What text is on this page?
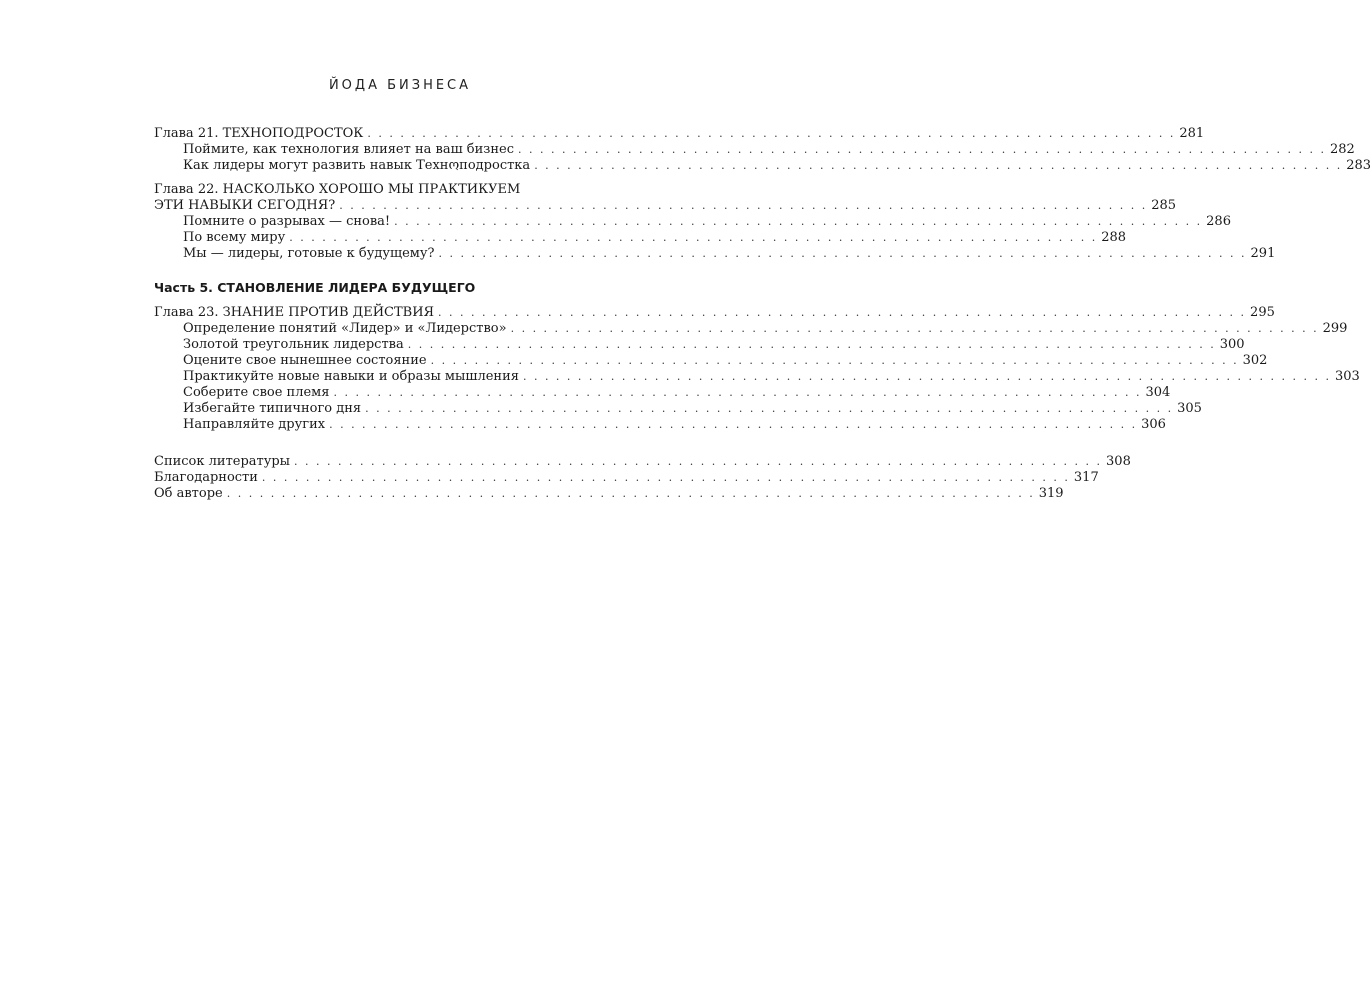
ЙОДА БИЗНЕСА
Глава 21. ТЕХНОПОДРОСТОК . . . . . . . . . . . . . . . . . . . . . . . . . . . . . . . . . . . . . . . . . . . . . . . . . . . . . . . . . . . . . . . . . . . . . . . . . . 281
Поймите, как технология влияет на ваш бизнес . . . . . . . . . . . . . . . . . . . . . . . . . . . . . . . . . . . . . . . . . . . . . . . . . . . . . . . . . . . . . . . . . . . . . . . . . . 282
Как лидеры могут развить навык Технოподростка . . . . . . . . . . . . . . . . . . . . . . . . . . . . . . . . . . . . . . . . . . . . . . . . . . . . . . . . . . . . . . . . . . . . . . . . . . 283
Глава 22. НАСКОЛЬКО ХОРОШО МЫ ПРАКТИКУЕМ
ЭТИ НАВЫКИ СЕГОДНЯ? . . . . . . . . . . . . . . . . . . . . . . . . . . . . . . . . . . . . . . . . . . . . . . . . . . . . . . . . . . . . . . . . . . . . . . . . . . 285
Помните о разрывах — снова! . . . . . . . . . . . . . . . . . . . . . . . . . . . . . . . . . . . . . . . . . . . . . . . . . . . . . . . . . . . . . . . . . . . . . . . . . . 286
По всему миру . . . . . . . . . . . . . . . . . . . . . . . . . . . . . . . . . . . . . . . . . . . . . . . . . . . . . . . . . . . . . . . . . . . . . . . . . . 288
Мы — лидеры, готовые к будущему? . . . . . . . . . . . . . . . . . . . . . . . . . . . . . . . . . . . . . . . . . . . . . . . . . . . . . . . . . . . . . . . . . . . . . . . . . . 291
Часть 5. СТАНОВЛЕНИЕ ЛИДЕРА БУДУЩЕГО
Глава 23. ЗНАНИЕ ПРОТИВ ДЕЙСТВИЯ . . . . . . . . . . . . . . . . . . . . . . . . . . . . . . . . . . . . . . . . . . . . . . . . . . . . . . . . . . . . . . . . . . . . . . . . . . 295
Определение понятий «Лидер» и «Лидерство» . . . . . . . . . . . . . . . . . . . . . . . . . . . . . . . . . . . . . . . . . . . . . . . . . . . . . . . . . . . . . . . . . . . . . . . . . . 299
Золотой треугольник лидерства . . . . . . . . . . . . . . . . . . . . . . . . . . . . . . . . . . . . . . . . . . . . . . . . . . . . . . . . . . . . . . . . . . . . . . . . . . 300
Оцените свое нынешнее состояние . . . . . . . . . . . . . . . . . . . . . . . . . . . . . . . . . . . . . . . . . . . . . . . . . . . . . . . . . . . . . . . . . . . . . . . . . . 302
Практикуйте новые навыки и образы мышления . . . . . . . . . . . . . . . . . . . . . . . . . . . . . . . . . . . . . . . . . . . . . . . . . . . . . . . . . . . . . . . . . . . . . . . . . . 303
Соберите свое племя . . . . . . . . . . . . . . . . . . . . . . . . . . . . . . . . . . . . . . . . . . . . . . . . . . . . . . . . . . . . . . . . . . . . . . . . . . 304
Избегайте типичного дня . . . . . . . . . . . . . . . . . . . . . . . . . . . . . . . . . . . . . . . . . . . . . . . . . . . . . . . . . . . . . . . . . . . . . . . . . . 305
Направляйте других . . . . . . . . . . . . . . . . . . . . . . . . . . . . . . . . . . . . . . . . . . . . . . . . . . . . . . . . . . . . . . . . . . . . . . . . . . 306
Список литературы . . . . . . . . . . . . . . . . . . . . . . . . . . . . . . . . . . . . . . . . . . . . . . . . . . . . . . . . . . . . . . . . . . . . . . . . . . 308
Благодарности . . . . . . . . . . . . . . . . . . . . . . . . . . . . . . . . . . . . . . . . . . . . . . . . . . . . . . . . . . . . . . . . . . . . . . . . . . 317
Об авторе . . . . . . . . . . . . . . . . . . . . . . . . . . . . . . . . . . . . . . . . . . . . . . . . . . . . . . . . . . . . . . . . . . . . . . . . . . 319
